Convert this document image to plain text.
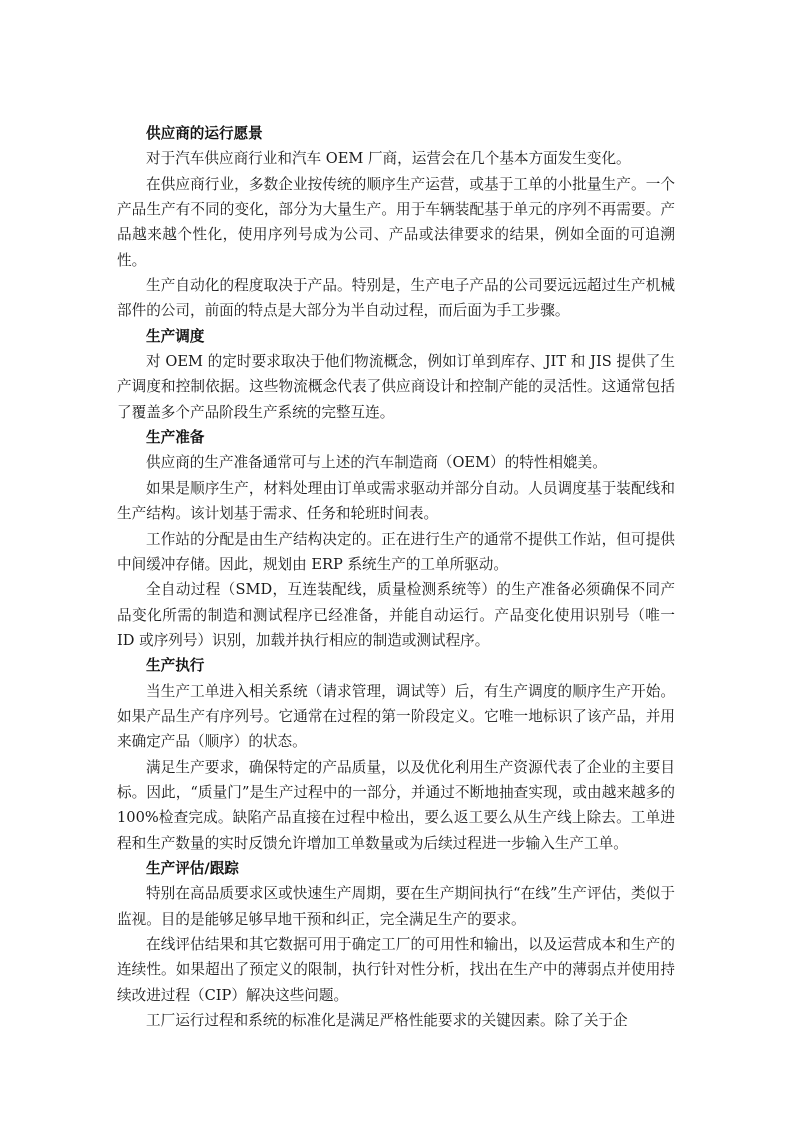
供应商的运行愿景

对于汽车供应商行业和汽车 OEM 厂商，运营会在几个基本方面发生变化。

在供应商行业，多数企业按传统的顺序生产运营，或基于工单的小批量生产。一个产品生产有不同的变化，部分为大量生产。用于车辆装配基于单元的序列不再需要。产品越来越个性化，使用序列号成为公司、产品或法律要求的结果，例如全面的可追溯性。

生产自动化的程度取决于产品。特别是，生产电子产品的公司要远远超过生产机械部件的公司，前面的特点是大部分为半自动过程，而后面为手工步骤。

生产调度

对 OEM 的定时要求取决于他们物流概念，例如订单到库存、JIT 和 JIS 提供了生产调度和控制依据。这些物流概念代表了供应商设计和控制产能的灵活性。这通常包括了覆盖多个产品阶段生产系统的完整互连。

生产准备

供应商的生产准备通常可与上述的汽车制造商（OEM）的特性相媲美。

如果是顺序生产，材料处理由订单或需求驱动并部分自动。人员调度基于装配线和生产结构。该计划基于需求、任务和轮班时间表。

工作站的分配是由生产结构决定的。正在进行生产的通常不提供工作站，但可提供中间缓冲存储。因此，规划由 ERP 系统生产的工单所驱动。

全自动过程（SMD，互连装配线，质量检测系统等）的生产准备必须确保不同产品变化所需的制造和测试程序已经准备，并能自动运行。产品变化使用识别号（唯一 ID 或序列号）识别，加载并执行相应的制造或测试程序。

生产执行

当生产工单进入相关系统（请求管理，调试等）后，有生产调度的顺序生产开始。如果产品生产有序列号。它通常在过程的第一阶段定义。它唯一地标识了该产品，并用来确定产品（顺序）的状态。

满足生产要求，确保特定的产品质量，以及优化利用生产资源代表了企业的主要目标。因此，“质量门”是生产过程中的一部分，并通过不断地抽查实现，或由越来越多的 100%检查完成。缺陷产品直接在过程中检出，要么返工要么从生产线上除去。工单进程和生产数量的实时反馈允许增加工单数量或为后续过程进一步输入生产工单。

生产评估/跟踪

特别在高品质要求区或快速生产周期，要在生产期间执行“在线”生产评估，类似于监视。目的是能够足够早地干预和纠正，完全满足生产的要求。

在线评估结果和其它数据可用于确定工厂的可用性和输出，以及运营成本和生产的连续性。如果超出了预定义的限制，执行针对性分析，找出在生产中的薄弱点并使用持续改进过程（CIP）解决这些问题。

工厂运行过程和系统的标准化是满足严格性能要求的关键因素。除了关于企
